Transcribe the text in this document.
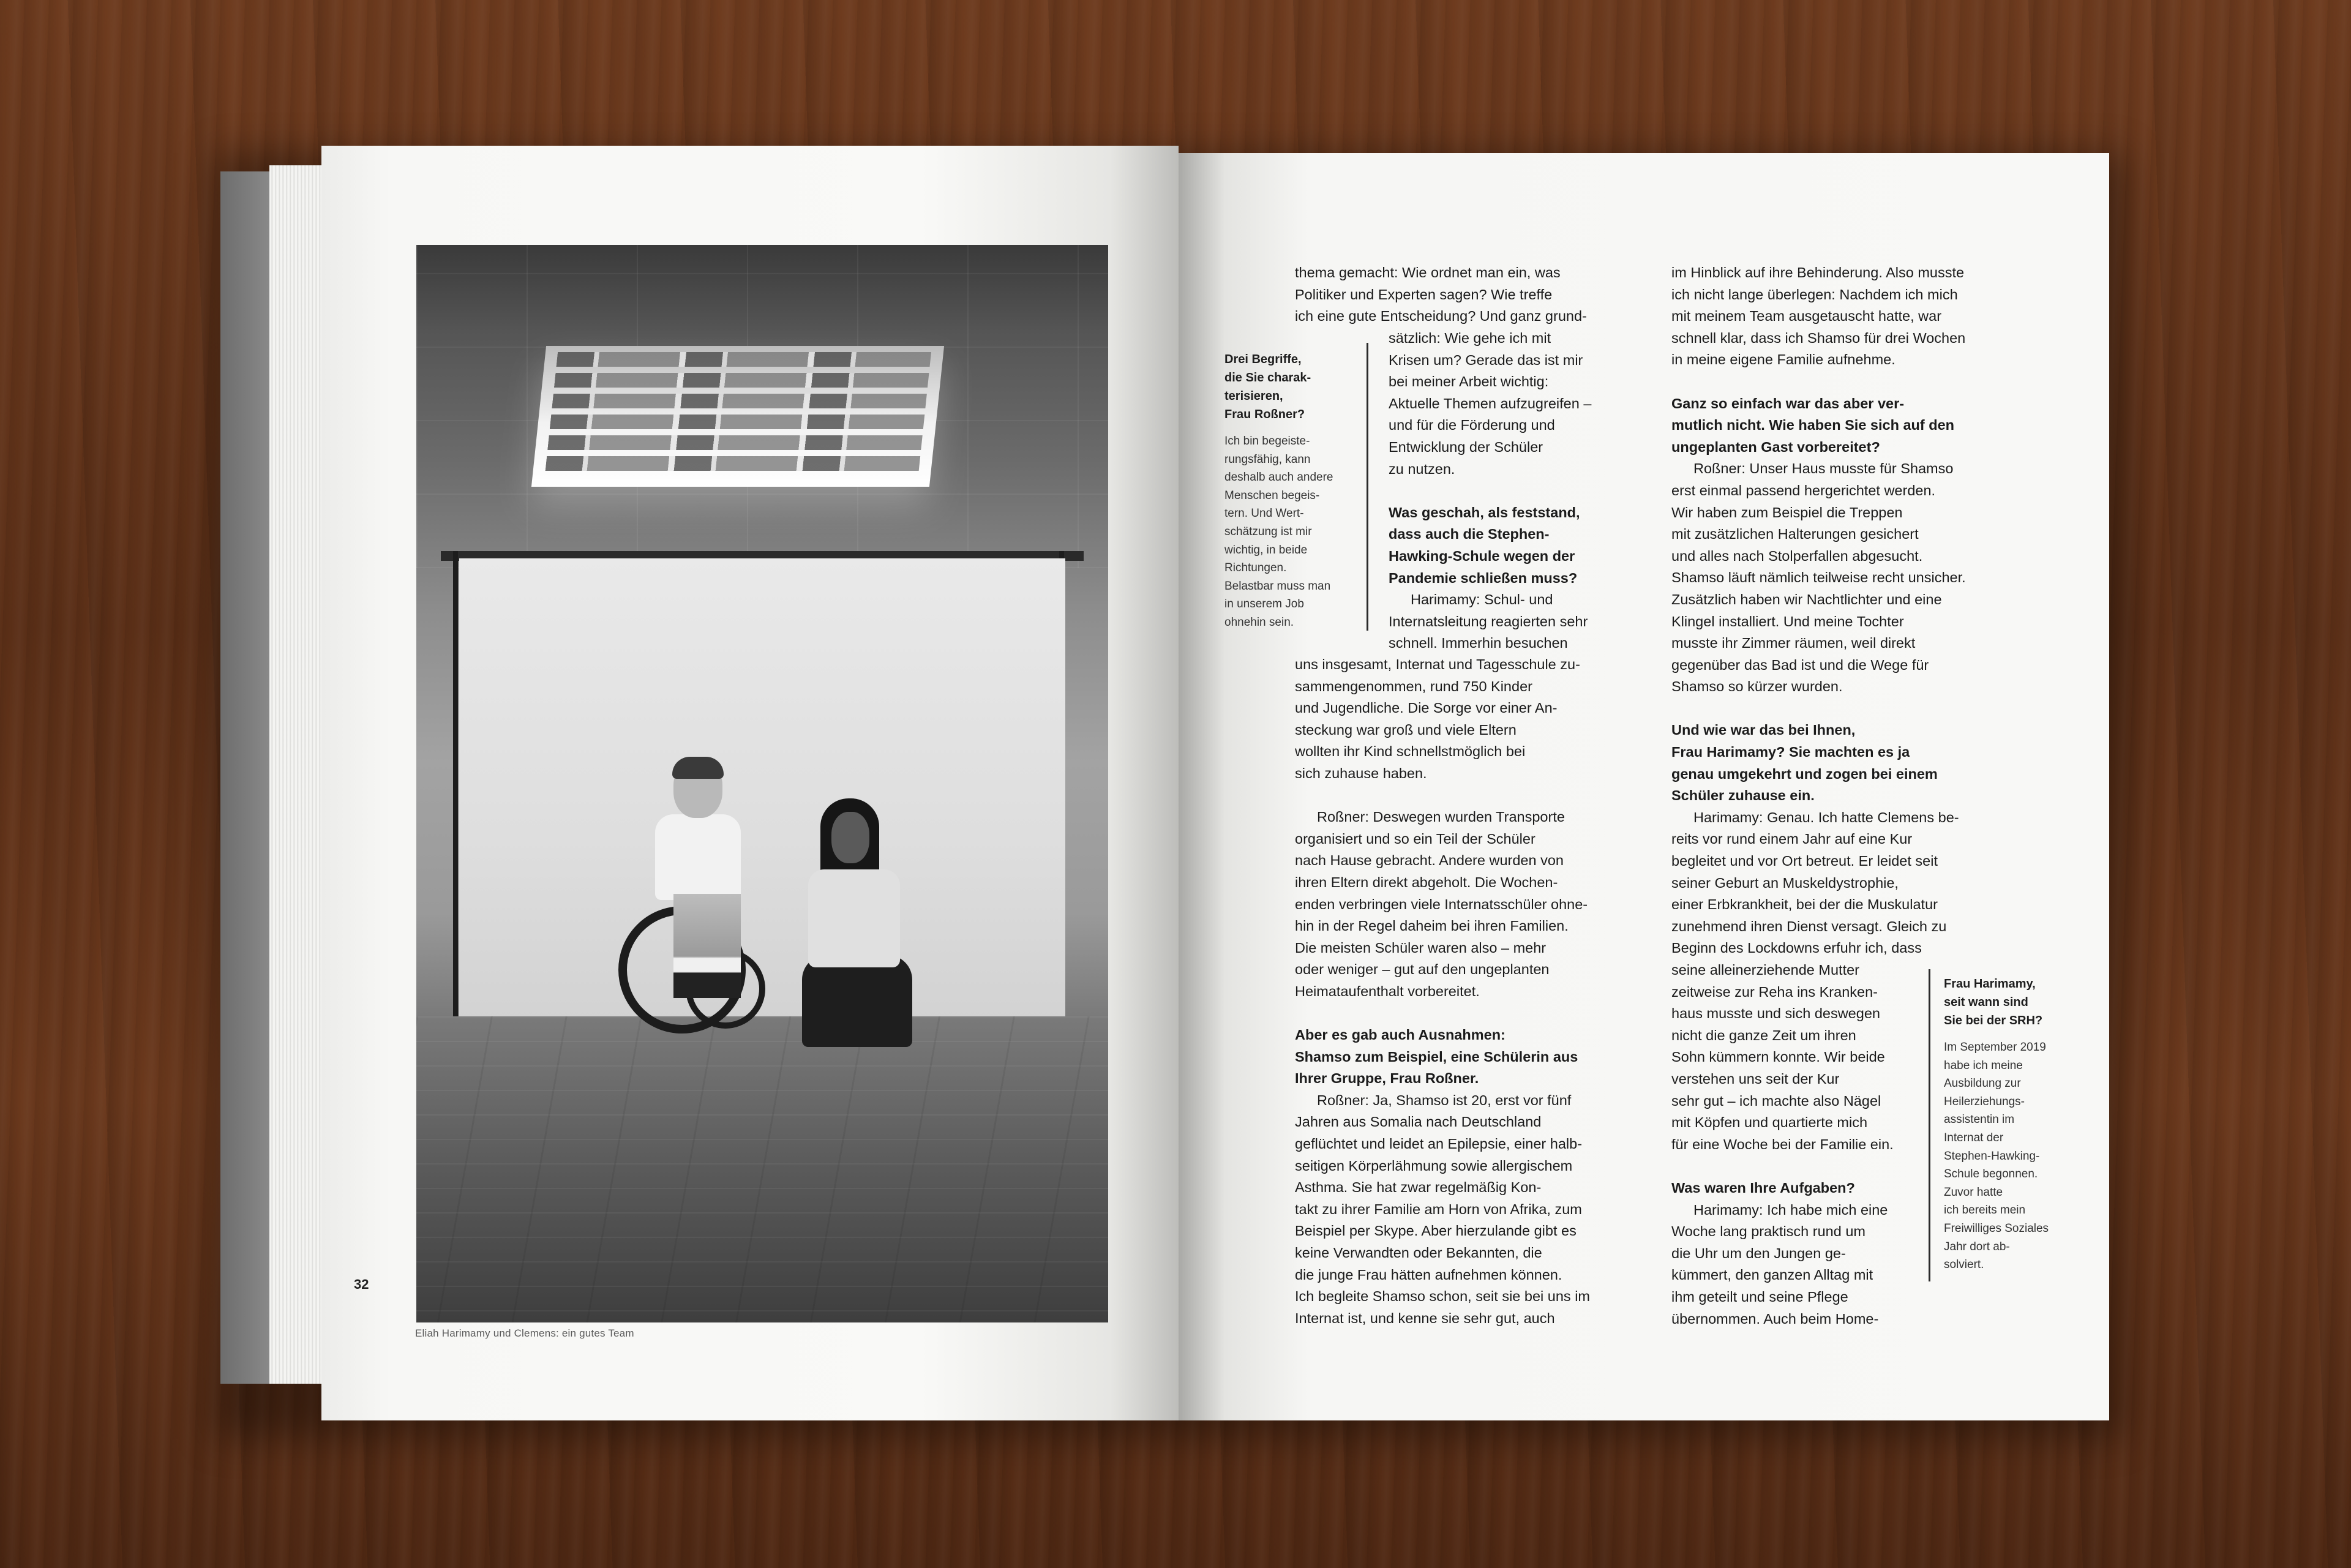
Eliah Harimamy und Clemens: ein gutes Team
32

Drei Begriffe,

die Sie charak-

terisieren,

Frau Roßner?

Ich bin begeiste-

rungsfähig, kann

deshalb auch andere

Menschen begeis-

tern. Und Wert-

schätzung ist mir

wichtig, in beide

Richtungen.

Belastbar muss man

in unserem Job

ohnehin sein.

thema gemacht: Wie ordnet man ein, was

Politiker und Experten sagen? Wie treffe

ich eine gute Entscheidung? Und ganz grund-

sätzlich: Wie gehe ich mit

Krisen um? Gerade das ist mir

bei meiner Arbeit wichtig:

Aktuelle Themen aufzugreifen –

und für die Förderung und

Entwicklung der Schüler

zu nutzen.

Was geschah, als feststand,

dass auch die Stephen-

Hawking-Schule wegen der

Pandemie schließen muss?

Harimamy: Schul- und

Internatsleitung reagierten sehr

schnell. Immerhin besuchen

uns insgesamt, Internat und Tagesschule zu-

sammengenommen, rund 750 Kinder

und Jugendliche. Die Sorge vor einer An-

steckung war groß und viele Eltern

wollten ihr Kind schnellstmöglich bei

sich zuhause haben.

Roßner: Deswegen wurden Transporte

organisiert und so ein Teil der Schüler

nach Hause gebracht. Andere wurden von

ihren Eltern direkt abgeholt. Die Wochen-

enden verbringen viele Internatsschüler ohne-

hin in der Regel daheim bei ihren Familien.

Die meisten Schüler waren also – mehr

oder weniger – gut auf den ungeplanten

Heimataufenthalt vorbereitet.

Aber es gab auch Ausnahmen:

Shamso zum Beispiel, eine Schülerin aus

Ihrer Gruppe, Frau Roßner.

Roßner: Ja, Shamso ist 20, erst vor fünf

Jahren aus Somalia nach Deutschland

geflüchtet und leidet an Epilepsie, einer halb-

seitigen Körperlähmung sowie allergischem

Asthma. Sie hat zwar regelmäßig Kon-

takt zu ihrer Familie am Horn von Afrika, zum

Beispiel per Skype. Aber hierzulande gibt es

keine Verwandten oder Bekannten, die

die junge Frau hätten aufnehmen können.

Ich begleite Shamso schon, seit sie bei uns im

Internat ist, und kenne sie sehr gut, auch

im Hinblick auf ihre Behinderung. Also musste

ich nicht lange überlegen: Nachdem ich mich

mit meinem Team ausgetauscht hatte, war

schnell klar, dass ich Shamso für drei Wochen

in meine eigene Familie aufnehme.

Ganz so einfach war das aber ver-

mutlich nicht. Wie haben Sie sich auf den

ungeplanten Gast vorbereitet?

Roßner: Unser Haus musste für Shamso

erst einmal passend hergerichtet werden.

Wir haben zum Beispiel die Treppen

mit zusätzlichen Halterungen gesichert

und alles nach Stolperfallen abgesucht.

Shamso läuft nämlich teilweise recht unsicher.

Zusätzlich haben wir Nachtlichter und eine

Klingel installiert. Und meine Tochter

musste ihr Zimmer räumen, weil direkt

gegenüber das Bad ist und die Wege für

Shamso so kürzer wurden.

Und wie war das bei Ihnen,

Frau Harimamy? Sie machten es ja

genau umgekehrt und zogen bei einem

Schüler zuhause ein.

Harimamy: Genau. Ich hatte Clemens be-

reits vor rund einem Jahr auf eine Kur

begleitet und vor Ort betreut. Er leidet seit

seiner Geburt an Muskeldystrophie,

einer Erbkrankheit, bei der die Muskulatur

zunehmend ihren Dienst versagt. Gleich zu

Beginn des Lockdowns erfuhr ich, dass

seine alleinerziehende Mutter

zeitweise zur Reha ins Kranken-

haus musste und sich deswegen

nicht die ganze Zeit um ihren

Sohn kümmern konnte. Wir beide

verstehen uns seit der Kur

sehr gut – ich machte also Nägel

mit Köpfen und quartierte mich

für eine Woche bei der Familie ein.

Was waren Ihre Aufgaben?

Harimamy: Ich habe mich eine

Woche lang praktisch rund um

die Uhr um den Jungen ge-

kümmert, den ganzen Alltag mit

ihm geteilt und seine Pflege

übernommen. Auch beim Home-

Frau Harimamy,

seit wann sind

Sie bei der SRH?

Im September 2019

habe ich meine

Ausbildung zur

Heilerziehungs-

assistentin im

Internat der

Stephen-Hawking-

Schule begonnen.

Zuvor hatte

ich bereits mein

Freiwilliges Soziales

Jahr dort ab-

solviert.
